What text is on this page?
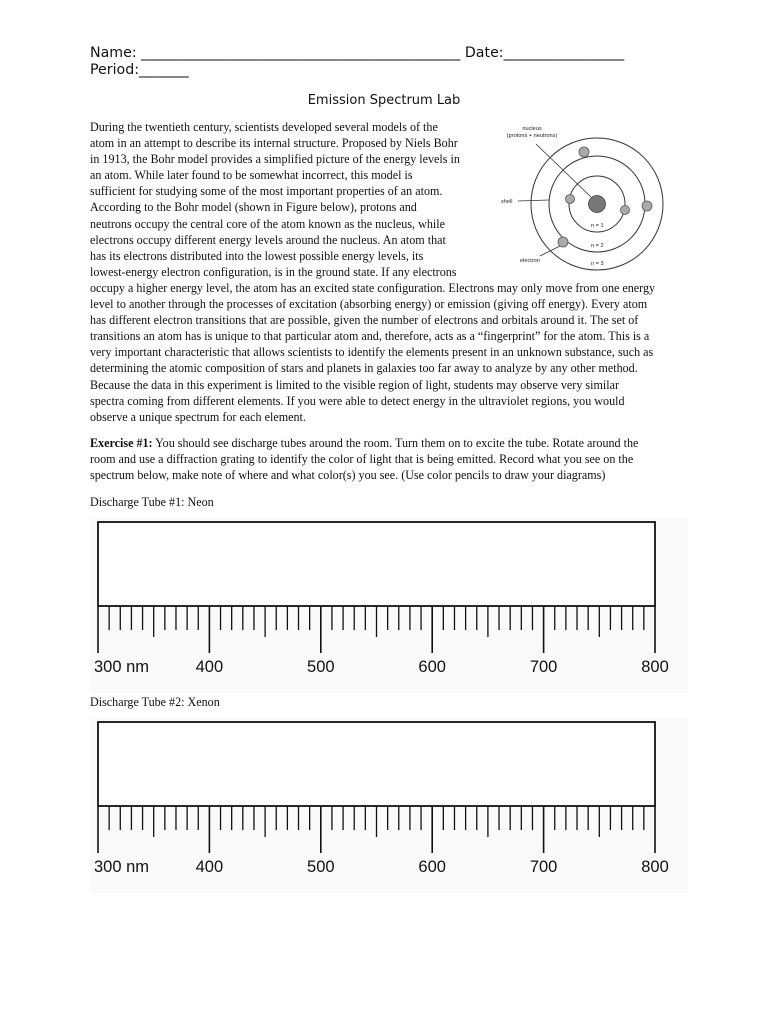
Name: _____________________________________________ Date:_________________
Period:_______
Emission Spectrum Lab
During the twentieth century, scientists developed several models of the
atom in an attempt to describe its internal structure. Proposed by Niels Bohr
in 1913, the Bohr model provides a simplified picture of the energy levels in
an atom. While later found to be somewhat incorrect, this model is
sufficient for studying some of the most important properties of an atom.
According to the Bohr model (shown in Figure below), protons and
neutrons occupy the central core of the atom known as the nucleus, while
electrons occupy different energy levels around the nucleus. An atom that
has its electrons distributed into the lowest possible energy levels, its
lowest-energy electron configuration, is in the ground state. If any electrons
occupy a higher energy level, the atom has an excited state configuration. Electrons may only move from one energy
level to another through the processes of excitation (absorbing energy) or emission (giving off energy). Every atom
has different electron transitions that are possible, given the number of electrons and orbitals around it. The set of
transitions an atom has is unique to that particular atom and, therefore, acts as a “fingerprint” for the atom. This is a
very important characteristic that allows scientists to identify the elements present in an unknown substance, such as
determining the atomic composition of stars and planets in galaxies too far away to analyze by any other method.
Because the data in this experiment is limited to the visible region of light, students may observe very similar
spectra coming from different elements. If you were able to detect energy in the ultraviolet regions, you would
observe a unique spectrum for each element.
nucleus
(protons + neutrons)
shell
electron
n = 1
n = 2
n = 3
Exercise #1: You should see discharge tubes around the room. Turn them on to excite the tube. Rotate around the
room and use a diffraction grating to identify the color of light that is being emitted. Record what you see on the
spectrum below, make note of where and what color(s) you see. (Use color pencils to draw your diagrams)
Discharge Tube #1: Neon
300 nm	400	500	600	700	800
Discharge Tube #2: Xenon
300 nm	400	500	600	700	800
